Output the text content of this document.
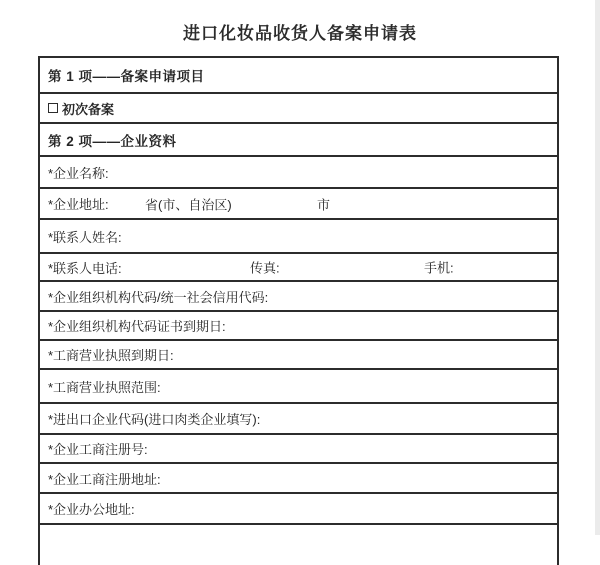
进口化妆品收货人备案申请表
第 1 项——备案申请项目
初次备案
第 2 项——企业资料
*企业名称:
*企业地址:	省(市、自治区)	市
*联系人姓名:
*联系人电话:	传真:	手机:
*企业组织机构代码/统一社会信用代码:
*企业组织机构代码证书到期日:
*工商营业执照到期日:
*工商营业执照范围:
*进出口企业代码(进口肉类企业填写):
*企业工商注册号:
*企业工商注册地址:
*企业办公地址:
